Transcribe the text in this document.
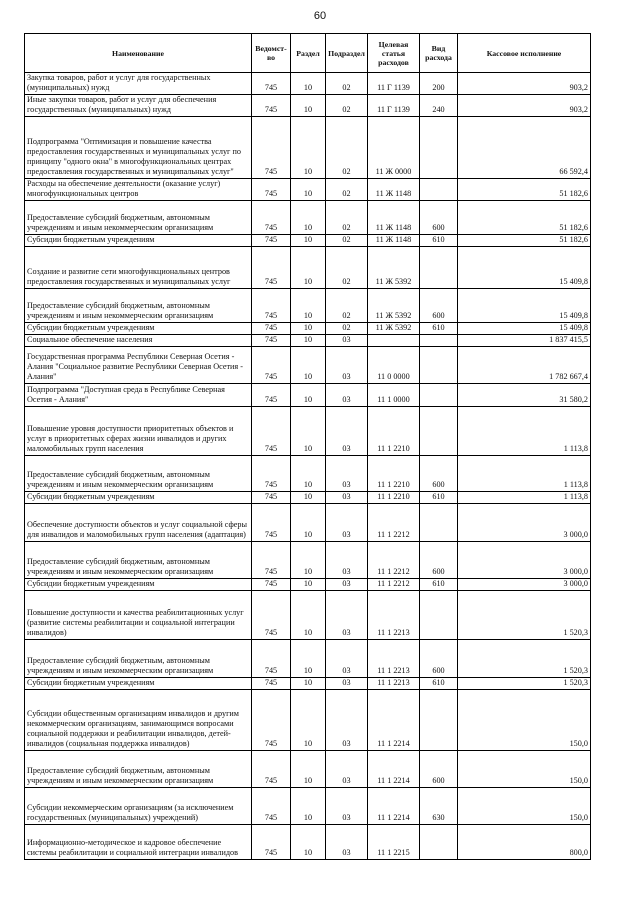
60
Наименование	Ведомст-во	Раздел	Подраздел	Целевая статья расходов	Вид расхода	Кассовое исполнение
Закупка товаров, работ и услуг для государственных (муниципальных) нужд	745	10	02	11 Г 1139	200	903,2
Иные закупки товаров, работ и услуг для обеспечения государственных (муниципальных) нужд	745	10	02	11 Г 1139	240	903,2
Подпрограмма "Оптимизация и повышение качества предоставления государственных и муниципальных услуг по принципу "одного окна" в многофункциональных центрах предоставления государственных и муниципальных услуг"	745	10	02	11 Ж 0000		66 592,4
Расходы на обеспечение деятельности (оказание услуг) многофункциональных центров	745	10	02	11 Ж 1148		51 182,6
Предоставление субсидий бюджетным, автономным учреждениям и иным некоммерческим организациям	745	10	02	11 Ж 1148	600	51 182,6
Субсидии бюджетным учреждениям	745	10	02	11 Ж 1148	610	51 182,6
Создание и развитие сети многофункциональных центров предоставления государственных и муниципальных услуг	745	10	02	11 Ж 5392		15 409,8
Предоставление субсидий бюджетным, автономным учреждениям и иным некоммерческим организациям	745	10	02	11 Ж 5392	600	15 409,8
Субсидии бюджетным учреждениям	745	10	02	11 Ж 5392	610	15 409,8
Социальное обеспечение населения	745	10	03			1 837 415,5
Государственная программа Республики Северная Осетия - Алания "Социальное развитие Республики Северная Осетия - Алания"	745	10	03	11 0 0000		1 782 667,4
Подпрограмма "Доступная среда в Республике Северная Осетия - Алания"	745	10	03	11 1 0000		31 580,2
Повышение уровня доступности приоритетных объектов и услуг в приоритетных сферах жизни инвалидов и других маломобильных групп населения	745	10	03	11 1 2210		1 113,8
Предоставление субсидий бюджетным, автономным учреждениям и иным некоммерческим организациям	745	10	03	11 1 2210	600	1 113,8
Субсидии бюджетным учреждениям	745	10	03	11 1 2210	610	1 113,8
Обеспечение доступности объектов и услуг социальной сферы для инвалидов и маломобильных групп населения (адаптация)	745	10	03	11 1 2212		3 000,0
Предоставление субсидий бюджетным, автономным учреждениям и иным некоммерческим организациям	745	10	03	11 1 2212	600	3 000,0
Субсидии бюджетным учреждениям	745	10	03	11 1 2212	610	3 000,0
Повышение доступности и качества реабилитационных услуг (развитие системы реабилитации и социальной интеграции инвалидов)	745	10	03	11 1 2213		1 520,3
Предоставление субсидий бюджетным, автономным учреждениям и иным некоммерческим организациям	745	10	03	11 1 2213	600	1 520,3
Субсидии бюджетным учреждениям	745	10	03	11 1 2213	610	1 520,3
Субсидии общественным организациям инвалидов и другим некоммерческим организациям, занимающимся вопросами социальной поддержки и реабилитации инвалидов, детей-инвалидов (социальная поддержка инвалидов)	745	10	03	11 1 2214		150,0
Предоставление субсидий бюджетным, автономным учреждениям и иным некоммерческим организациям	745	10	03	11 1 2214	600	150,0
Субсидии некоммерческим организациям (за исключением государственных (муниципальных) учреждений)	745	10	03	11 1 2214	630	150,0
Информационно-методическое и кадровое обеспечение системы реабилитации и социальной интеграции инвалидов	745	10	03	11 1 2215		800,0
